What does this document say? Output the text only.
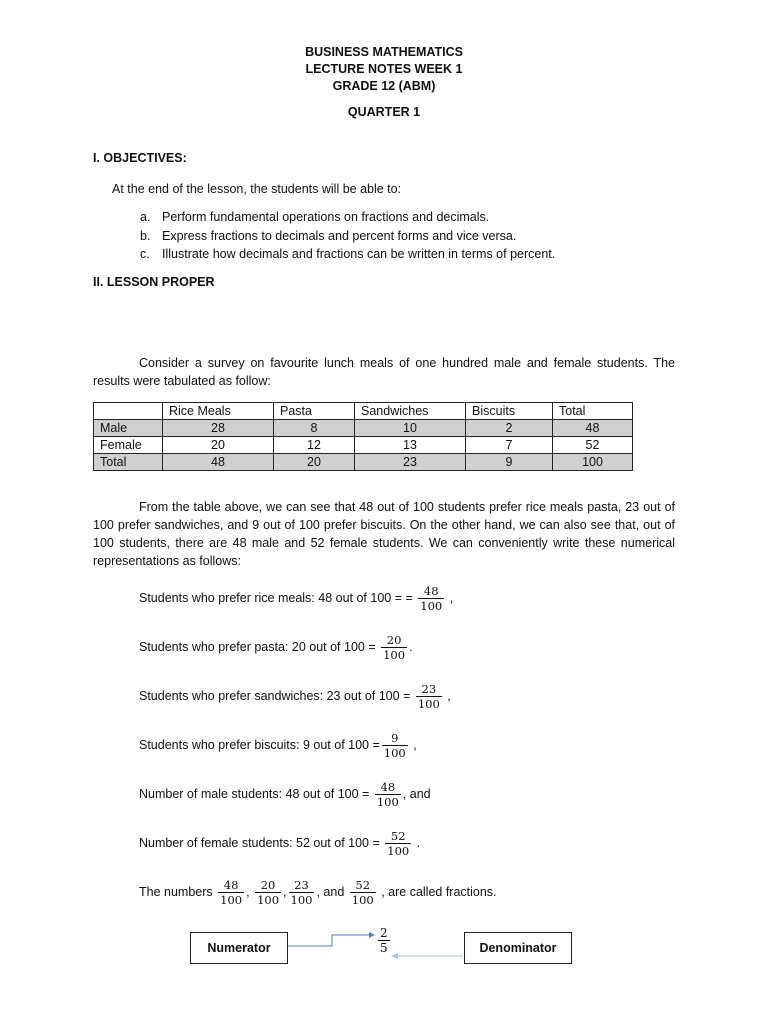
BUSINESS MATHEMATICS
LECTURE NOTES WEEK 1
GRADE 12 (ABM)
QUARTER 1
I. OBJECTIVES:
At the end of the lesson, the students will be able to:
a. Perform fundamental operations on fractions and decimals.
b. Express fractions to decimals and percent forms and vice versa.
c. Illustrate how decimals and fractions can be written in terms of percent.
II. LESSON PROPER
Consider a survey on favourite lunch meals of one hundred male and female students. The results were tabulated as follow:
	Rice Meals	Pasta	Sandwiches	Biscuits	Total
Male	28	8	10	2	48
Female	20	12	13	7	52
Total	48	20	23	9	100
From the table above, we can see that 48 out of 100 students prefer rice meals pasta, 23 out of 100 prefer sandwiches, and 9 out of 100 prefer biscuits. On the other hand, we can also see that, out of 100 students, there are 48 male and 52 female students. We can conveniently write these numerical representations as follows:
Students who prefer rice meals: 48 out of 100 = = $\frac{48}{100}$ ,
Students who prefer pasta: 20 out of $100 = \frac{20}{100}$ .
Students who prefer sandwiches: 23 out of $100 = \frac{23}{100}$ ,
Students who prefer biscuits: 9 out of $100 = \frac{9}{100}$ ,
Number of male students: 48 out of $100 = \frac{48}{100}$ , and
Number of female students: 52 out of $100 = \frac{52}{100}$ .
The numbers $\frac{48}{100}$ , $\frac{20}{100}$ , $\frac{23}{100}$ , and $\frac{52}{100}$ , are called fractions.
Numerator	$\frac{2}{5}$	Denominator
